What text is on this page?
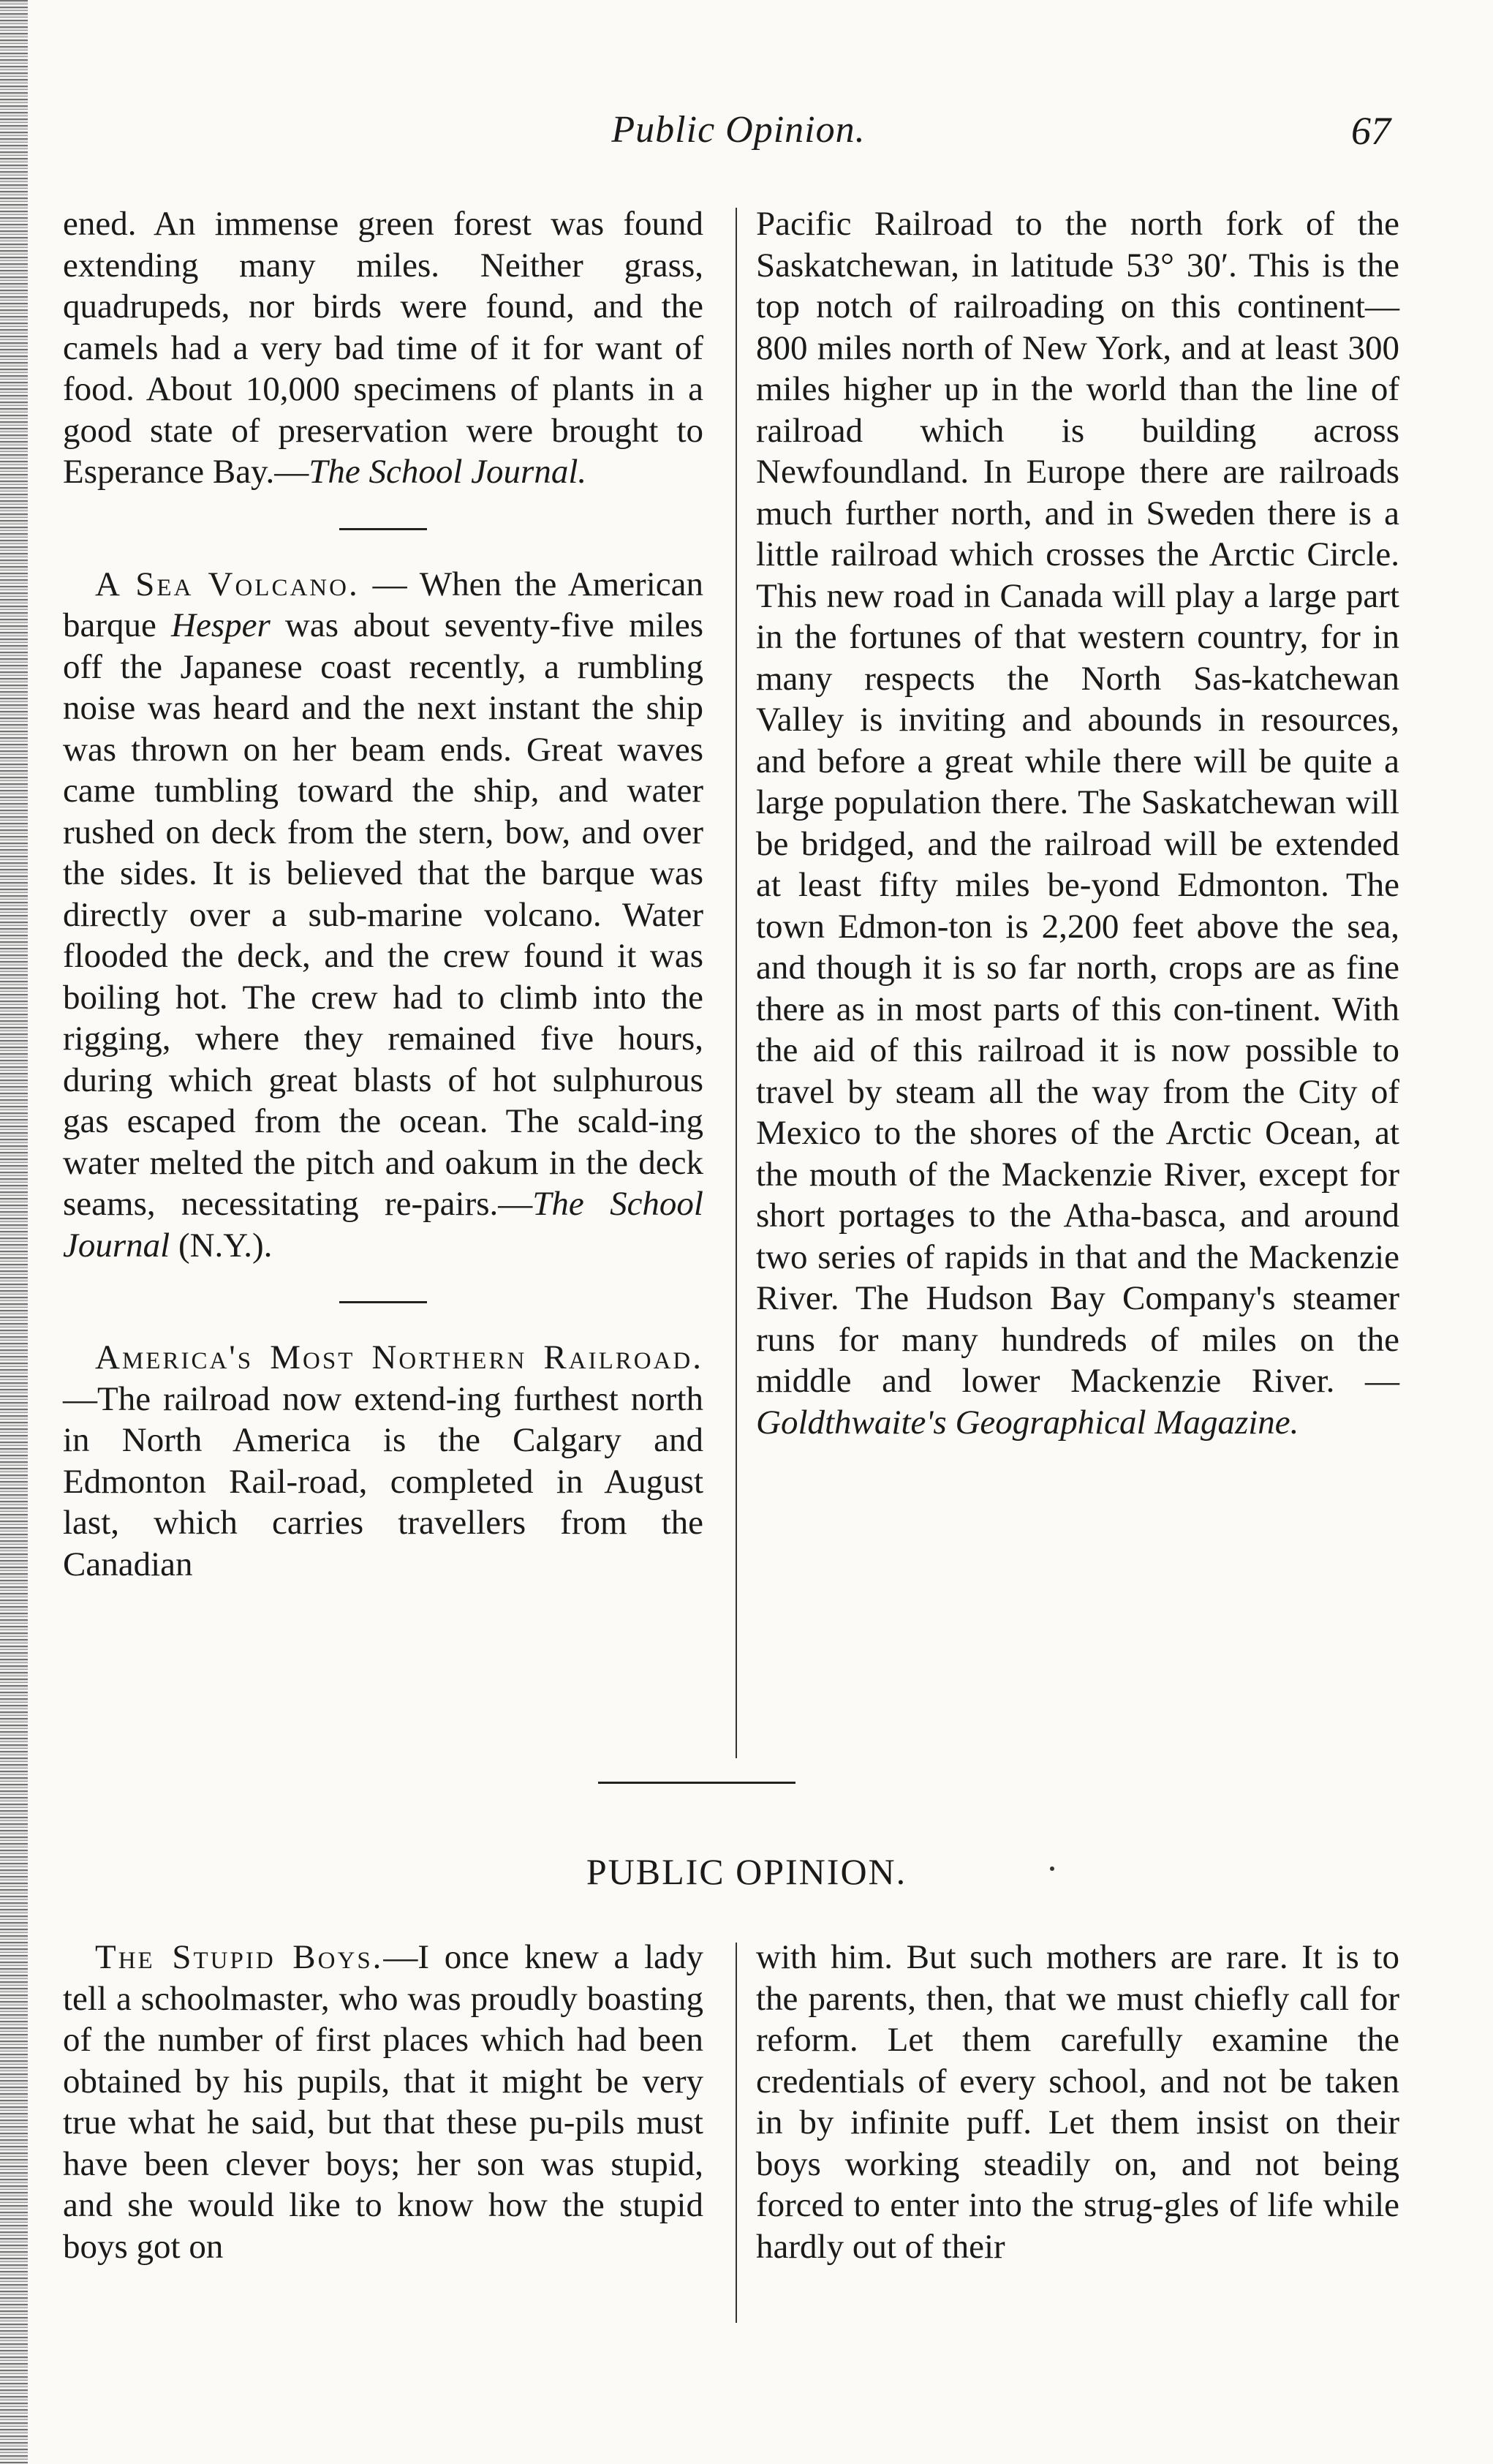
Public Opinion.	67

ened. An immense green forest was found extending many miles. Neither grass, quadrupeds, nor birds were found, and the camels had a very bad time of it for want of food. About 10,000 specimens of plants in a good state of preservation were brought to Esperance Bay.—The School Journal.

A Sea Volcano. — When the American barque Hesper was about seventy-five miles off the Japanese coast recently, a rumbling noise was heard and the next instant the ship was thrown on her beam ends. Great waves came tumbling toward the ship, and water rushed on deck from the stern, bow, and over the sides. It is believed that the barque was directly over a sub-marine volcano. Water flooded the deck, and the crew found it was boiling hot. The crew had to climb into the rigging, where they remained five hours, during which great blasts of hot sulphurous gas escaped from the ocean. The scald-ing water melted the pitch and oakum in the deck seams, necessitating re-pairs.—The School Journal (N.Y.).

America's Most Northern Railroad.—The railroad now extend-ing furthest north in North America is the Calgary and Edmonton Rail-road, completed in August last, which carries travellers from the Canadian

Pacific Railroad to the north fork of the Saskatchewan, in latitude 53° 30′. This is the top notch of railroading on this continent—800 miles north of New York, and at least 300 miles higher up in the world than the line of railroad which is building across Newfoundland. In Europe there are railroads much further north, and in Sweden there is a little railroad which crosses the Arctic Circle. This new road in Canada will play a large part in the fortunes of that western country, for in many respects the North Sas-katchewan Valley is inviting and abounds in resources, and before a great while there will be quite a large population there. The Saskatchewan will be bridged, and the railroad will be extended at least fifty miles be-yond Edmonton. The town Edmon-ton is 2,200 feet above the sea, and though it is so far north, crops are as fine there as in most parts of this con-tinent. With the aid of this railroad it is now possible to travel by steam all the way from the City of Mexico to the shores of the Arctic Ocean, at the mouth of the Mackenzie River, except for short portages to the Atha-basca, and around two series of rapids in that and the Mackenzie River. The Hudson Bay Company's steamer runs for many hundreds of miles on the middle and lower Mackenzie River. — Goldthwaite's Geographical Magazine.

PUBLIC OPINION.

The Stupid Boys.—I once knew a lady tell a schoolmaster, who was proudly boasting of the number of first places which had been obtained by his pupils, that it might be very true what he said, but that these pu-pils must have been clever boys; her son was stupid, and she would like to know how the stupid boys got on

with him. But such mothers are rare. It is to the parents, then, that we must chiefly call for reform. Let them carefully examine the credentials of every school, and not be taken in by infinite puff. Let them insist on their boys working steadily on, and not being forced to enter into the strug-gles of life while hardly out of their
